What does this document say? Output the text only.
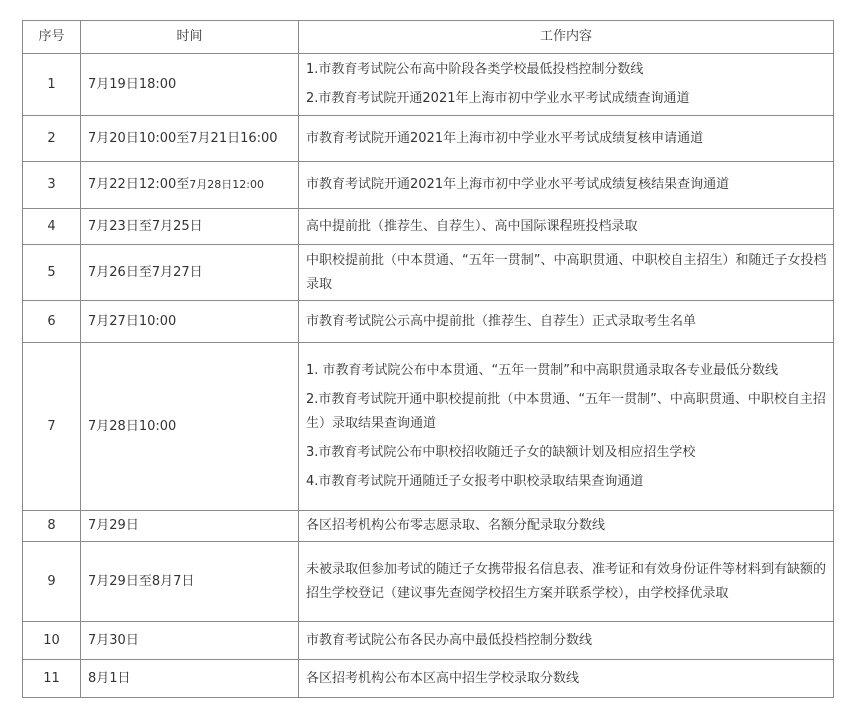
序号	时间	工作内容
1	7月19日18:00	1.市教育考试院公布高中阶段各类学校最低投档控制分数线

2.市教育考试院开通2021年上海市初中学业水平考试成绩查询通道

2	7月20日10:00至7月21日16:00	市教育考试院开通2021年上海市初中学业水平考试成绩复核申请通道

3	7月22日12:00至7月28日12:00	市教育考试院开通2021年上海市初中学业水平考试成绩复核结果查询通道

4	7月23日至7月25日	高中提前批（推荐生、自荐生）、高中国际课程班投档录取

5	7月26日至7月27日	中职校提前批（中本贯通、“五年一贯制”、中高职贯通、中职校自主招生）和随迁子女投档录取

6	7月27日10:00	市教育考试院公示高中提前批（推荐生、自荐生）正式录取考生名单

7	7月28日10:00	1. 市教育考试院公布中本贯通、“五年一贯制”和中高职贯通录取各专业最低分数线

2.市教育考试院开通中职校提前批（中本贯通、“五年一贯制”、中高职贯通、中职校自主招生）录取结果查询通道

3.市教育考试院公布中职校招收随迁子女的缺额计划及相应招生学校

4.市教育考试院开通随迁子女报考中职校录取结果查询通道

8	7月29日	各区招考机构公布零志愿录取、名额分配录取分数线

9	7月29日至8月7日	未被录取但参加考试的随迁子女携带报名信息表、准考证和有效身份证件等材料到有缺额的招生学校登记（建议事先查阅学校招生方案并联系学校），由学校择优录取

10	7月30日	市教育考试院公布各民办高中最低投档控制分数线

11	8月1日	各区招考机构公布本区高中招生学校录取分数线
